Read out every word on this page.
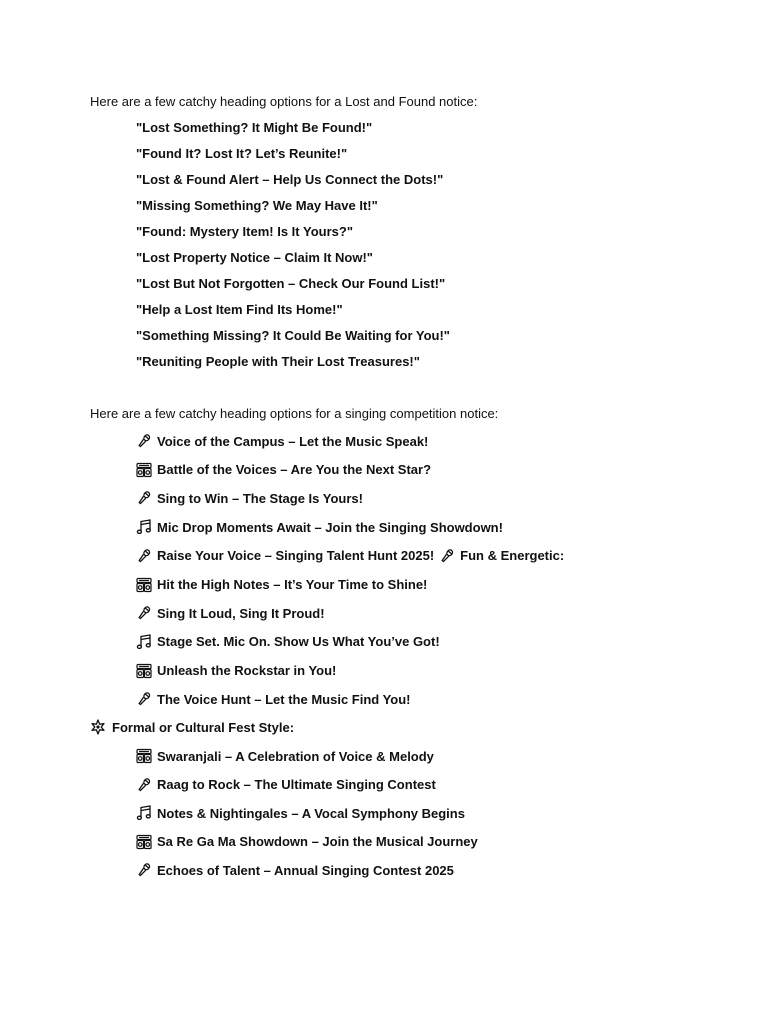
Here are a few catchy heading options for a Lost and Found notice:
"Lost Something? It Might Be Found!"
"Found It? Lost It? Let’s Reunite!"
"Lost & Found Alert – Help Us Connect the Dots!"
"Missing Something? We May Have It!"
"Found: Mystery Item! Is It Yours?"
"Lost Property Notice – Claim It Now!"
"Lost But Not Forgotten – Check Our Found List!"
"Help a Lost Item Find Its Home!"
"Something Missing? It Could Be Waiting for You!"
"Reuniting People with Their Lost Treasures!"
Here are a few catchy heading options for a singing competition notice:
Voice of the Campus – Let the Music Speak!
Battle of the Voices – Are You the Next Star?
Sing to Win – The Stage Is Yours!
Mic Drop Moments Await – Join the Singing Showdown!
Raise Your Voice – Singing Talent Hunt 2025! Fun & Energetic:
Hit the High Notes – It’s Your Time to Shine!
Sing It Loud, Sing It Proud!
Stage Set. Mic On. Show Us What You’ve Got!
Unleash the Rockstar in You!
The Voice Hunt – Let the Music Find You!
Formal or Cultural Fest Style:
Swaranjali – A Celebration of Voice & Melody
Raag to Rock – The Ultimate Singing Contest
Notes & Nightingales – A Vocal Symphony Begins
Sa Re Ga Ma Showdown – Join the Musical Journey
Echoes of Talent – Annual Singing Contest 2025
